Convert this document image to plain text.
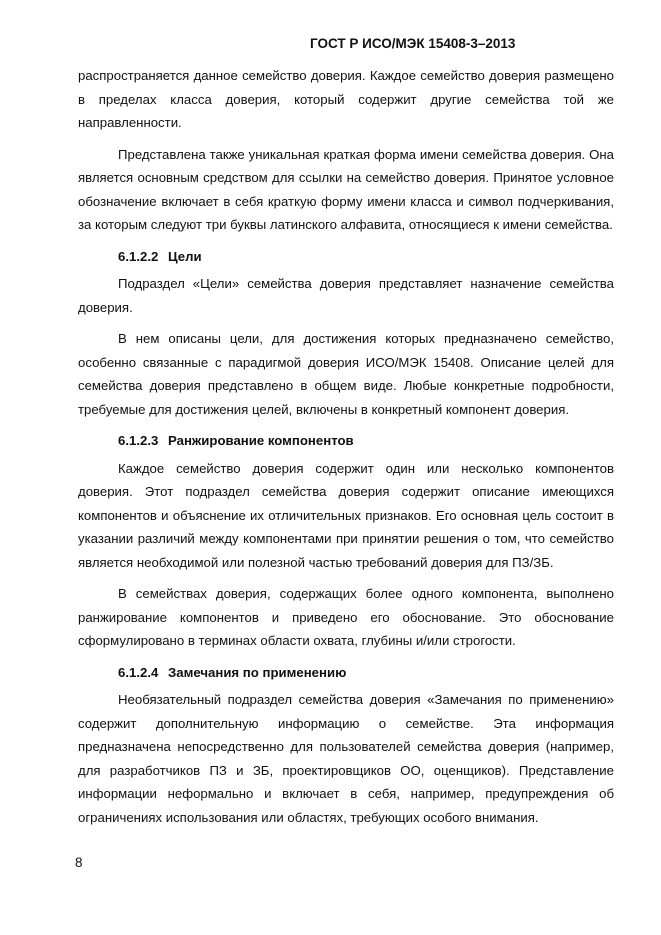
ГОСТ Р ИСО/МЭК 15408-3–2013

распространяется данное семейство доверия. Каждое семейство доверия размещено в пределах класса доверия, который содержит другие семейства той же направленности.

Представлена также уникальная краткая форма имени семейства доверия. Она является основным средством для ссылки на семейство доверия. Принятое условное обозначение включает в себя краткую форму имени класса и символ подчеркивания, за которым следуют три буквы латинского алфавита, относящиеся к имени семейства.

6.1.2.2 Цели

Подраздел «Цели» семейства доверия представляет назначение семейства доверия.

В нем описаны цели, для достижения которых предназначено семейство, особенно связанные с парадигмой доверия ИСО/МЭК 15408. Описание целей для семейства доверия представлено в общем виде. Любые конкретные подробности, требуемые для достижения целей, включены в конкретный компонент доверия.

6.1.2.3 Ранжирование компонентов

Каждое семейство доверия содержит один или несколько компонентов доверия. Этот подраздел семейства доверия содержит описание имеющихся компонентов и объяснение их отличительных признаков. Его основная цель состоит в указании различий между компонентами при принятии решения о том, что семейство является необходимой или полезной частью требований доверия для ПЗ/ЗБ.

В семействах доверия, содержащих более одного компонента, выполнено ранжирование компонентов и приведено его обоснование. Это обоснование сформулировано в терминах области охвата, глубины и/или строгости.

6.1.2.4 Замечания по применению

Необязательный подраздел семейства доверия «Замечания по применению» содержит дополнительную информацию о семействе. Эта информация предназначена непосредственно для пользователей семейства доверия (например, для разработчиков ПЗ и ЗБ, проектировщиков ОО, оценщиков). Представление информации неформально и включает в себя, например, предупреждения об ограничениях использования или областях, требующих особого внимания.

8
